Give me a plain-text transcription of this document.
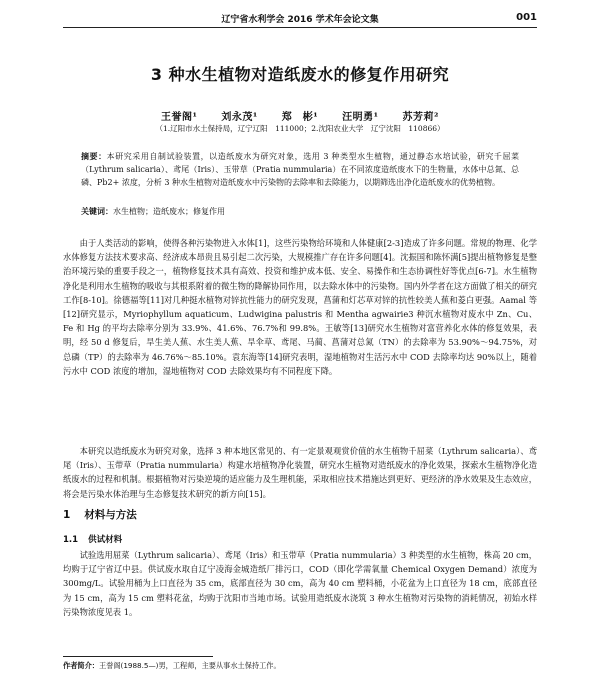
辽宁省水利学会 2016 学术年会论文集	001
3 种水生植物对造纸废水的修复作用研究
王誉阁¹ 刘永茂¹ 郑　彬¹ 汪明勇¹ 苏芳莉²
（1.辽阳市水土保持局，辽宁辽阳　111000；2.沈阳农业大学　辽宁沈阳　110866）
摘要：本研究采用自制试验装置，以造纸废水为研究对象，选用 3 种类型水生植物，通过静态水培试验，研究千屈菜（Lythrum salicaria）、鸢尾（Iris）、玉带草（Pratia nummularia）在不同浓度造纸废水下的生物量，水体中总氮、总磷、Pb2+ 浓度，分析 3 种水生植物对造纸废水中污染物的去除率和去除能力，以期筛选出净化造纸废水的优势植物。
关键词：水生植物；造纸废水；修复作用

由于人类活动的影响，使得各种污染物进入水体[1]，这些污染物给环境和人体健康[2-3]造成了许多问题。常规的物理、化学水体修复方法技术要求高、经济成本昂贵且易引起二次污染，大规模推广存在许多问题[4]。沈振国和陈怀满[5]提出植物修复是整治环境污染的重要手段之一，植物修复技术具有高效、投资和维护成本低、安全、易操作和生态协调性好等优点[6-7]。水生植物净化是利用水生植物的吸收与其根系附着的微生物的降解协同作用，以去除水体中的污染物。国内外学者在这方面做了相关的研究工作[8-10]。徐德福等[11]对几种挺水植物对锌抗性能力的研究发现，菖蒲和灯芯草对锌的抗性较美人蕉和菱白更强。Aamal 等[12]研究显示，Myriophyllum aquaticum、Ludwigina palustris 和 Mentha agwairie3 种沉水植物对废水中 Zn、Cu、Fe 和 Hg 的平均去除率分别为 33.9%、41.6%、76.7%和 99.8%。王敏等[13]研究水生植物对富营养化水体的修复效果，表明，经 50 d 修复后，旱生美人蕉、水生美人蕉、旱伞草、鸢尾、马蔺、菖蒲对总氮（TN）的去除率为 53.90%～94.75%，对总磷（TP）的去除率为 46.76%～85.10%。袁东海等[14]研究表明，湿地植物对生活污水中 COD 去除率均达 90%以上，随着污水中 COD 浓度的增加，湿地植物对 COD 去除效果均有不同程度下降。

本研究以造纸废水为研究对象，选择 3 种本地区常见的、有一定景观观赏价值的水生植物千屈菜（Lythrum salicaria）、鸢尾（Iris）、玉带草（Pratia nummularia）构建水培植物净化装置，研究水生植物对造纸废水的净化效果，探索水生植物净化造纸废水的过程和机制。根据植物对污染逆境的适应能力及生理机能，采取相应技术措施达到更好、更经济的净水效果及生态效应，将会是污染水体治理与生态修复技术研究的新方向[15]。

1 材料与方法
1.1 供试材料

试验选用屈菜（Lythrum salicaria）、鸢尾（Iris）和玉带草（Pratia nummularia）3 种类型的水生植物，株高 20 cm，均购于辽宁省辽中县。供试废水取自辽宁凌海金城造纸厂排污口，COD（即化学需氧量 Chemical Oxygen Demand）浓度为 300mg/L。试验用桶为上口直径为 35 cm，底部直径为 30 cm，高为 40 cm 塑料桶，小花盆为上口直径为 18 cm，底部直径为 15 cm，高为 15 cm 塑料花盆，均购于沈阳市当地市场。试验用造纸废水浇筑 3 种水生植物对污染物的消耗情况，初始水样污染物浓度见表 1。

作者简介：王誉阁(1988.5—)男，工程师，主要从事水土保持工作。
